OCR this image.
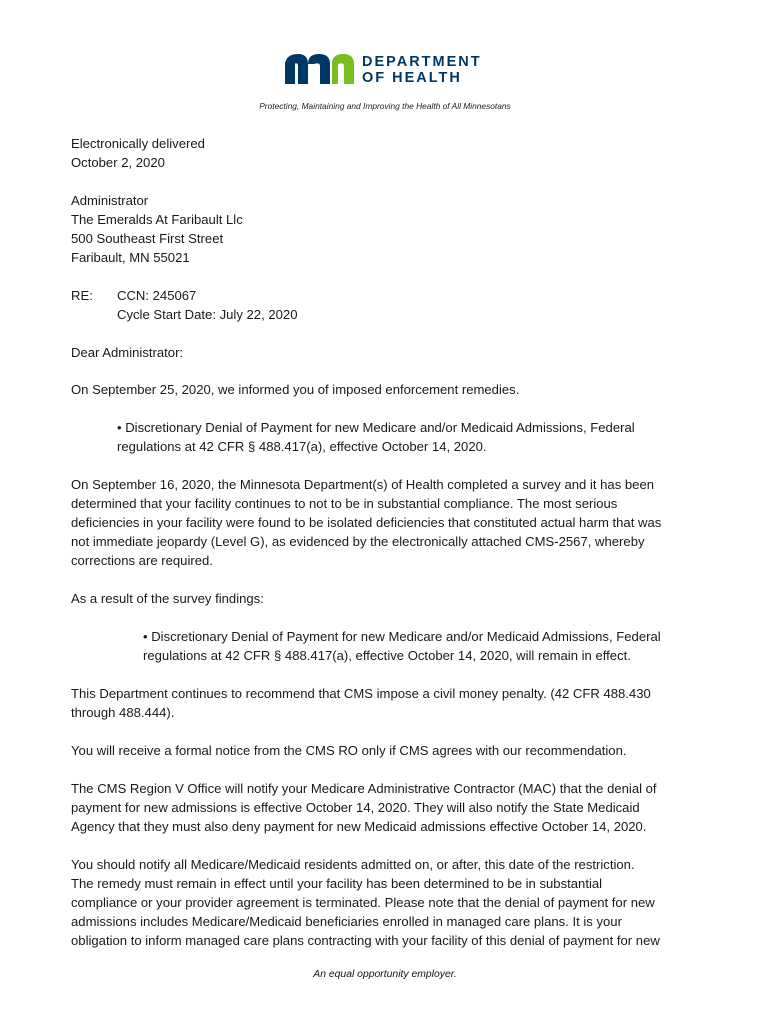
DEPARTMENT
OF HEALTH
Protecting, Maintaining and Improving the Health of All Minnesotans

Electronically delivered

October 2, 2020

Administrator

The Emeralds At Faribault Llc

500 Southeast First Street

Faribault, MN 55021

RE: CCN: 245067

Cycle Start Date: July 22, 2020

Dear Administrator:
On September 25, 2020, we informed you of imposed enforcement remedies.

• Discretionary Denial of Payment for new Medicare and/or Medicaid Admissions, Federal

regulations at 42 CFR § 488.417(a), effective October 14, 2020.

On September 16, 2020, the Minnesota Department(s) of Health completed a survey and it has been

determined that your facility continues to not to be in substantial compliance. The most serious

deficiencies in your facility were found to be isolated deficiencies that constituted actual harm that was

not immediate jeopardy (Level G), as evidenced by the electronically attached CMS-2567, whereby

corrections are required.

As a result of the survey findings:

• Discretionary Denial of Payment for new Medicare and/or Medicaid Admissions, Federal

regulations at 42 CFR § 488.417(a), effective October 14, 2020, will remain in effect.

This Department continues to recommend that CMS impose a civil money penalty. (42 CFR 488.430

through 488.444).

You will receive a formal notice from the CMS RO only if CMS agrees with our recommendation.

The CMS Region V Office will notify your Medicare Administrative Contractor (MAC) that the denial of

payment for new admissions is effective October 14, 2020. They will also notify the State Medicaid

Agency that they must also deny payment for new Medicaid admissions effective October 14, 2020.

You should notify all Medicare/Medicaid residents admitted on, or after, this date of the restriction.

The remedy must remain in effect until your facility has been determined to be in substantial

compliance or your provider agreement is terminated. Please note that the denial of payment for new

admissions includes Medicare/Medicaid beneficiaries enrolled in managed care plans. It is your

obligation to inform managed care plans contracting with your facility of this denial of payment for new

An equal opportunity employer.
